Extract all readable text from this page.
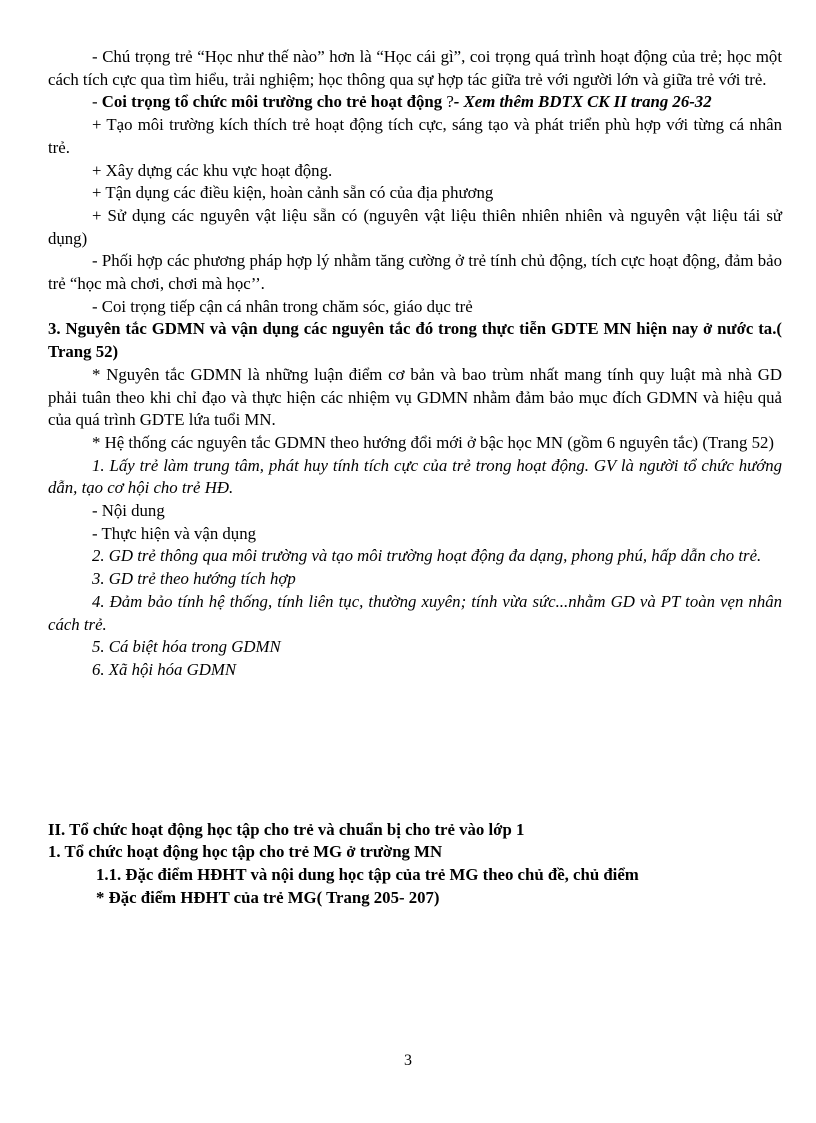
- Chú trọng trẻ “Học như thế nào” hơn là “Học cái gì”, coi trọng quá trình hoạt động của trẻ; học một cách tích cực qua tìm hiểu, trải nghiệm; học thông qua sự hợp tác giữa trẻ với người lớn và giữa trẻ với trẻ.

- Coi trọng tổ chức môi trường cho trẻ hoạt động ?- Xem thêm BDTX CK II trang 26-32

+ Tạo môi trường kích thích trẻ hoạt động tích cực, sáng tạo và phát triển phù hợp với từng cá nhân trẻ.

+ Xây dựng các khu vực hoạt động.

+ Tận dụng các điều kiện, hoàn cảnh sẵn có của địa phương

+ Sử dụng các nguyên vật liệu sẵn có (nguyên vật liệu thiên nhiên nhiên và nguyên vật liệu tái sử dụng)

- Phối hợp các phương pháp hợp lý nhằm tăng cường ở trẻ tính chủ động, tích cực hoạt động, đảm bảo trẻ “học mà chơi, chơi mà học’’.

- Coi trọng tiếp cận cá nhân trong chăm sóc, giáo dục trẻ

3. Nguyên tắc GDMN và vận dụng các nguyên tắc đó trong thực tiễn GDTE MN hiện nay ở nước ta.( Trang 52)

* Nguyên tắc GDMN là những luận điểm cơ bản và bao trùm nhất mang tính quy luật mà nhà GD phải tuân theo khi chỉ đạo và thực hiện các nhiệm vụ GDMN nhằm đảm bảo mục đích GDMN và hiệu quả của quá trình GDTE lứa tuổi MN.

* Hệ thống các nguyên tắc GDMN theo hướng đổi mới ở bậc học MN (gồm 6 nguyên tắc) (Trang 52)

1. Lấy trẻ làm trung tâm, phát huy tính tích cực của trẻ trong hoạt động. GV là người tổ chức hướng dẫn, tạo cơ hội cho trẻ HĐ.

- Nội dung

- Thực hiện và vận dụng

2. GD trẻ thông qua môi trường và tạo môi trường hoạt động đa dạng, phong phú, hấp dẫn cho trẻ.

3. GD trẻ theo hướng tích hợp

4. Đảm bảo tính hệ thống, tính liên tục, thường xuyên; tính vừa sức...nhằm GD và PT toàn vẹn nhân cách trẻ.

5. Cá biệt hóa trong GDMN

6. Xã hội hóa GDMN

II. Tổ chức hoạt động học tập cho trẻ và chuẩn bị cho trẻ vào lớp 1

1. Tổ chức hoạt động học tập cho trẻ MG ở trường MN

1.1. Đặc điểm HĐHT và nội dung học tập của trẻ MG theo chủ đề, chủ điểm

* Đặc điểm HĐHT của trẻ MG( Trang 205- 207)

3
